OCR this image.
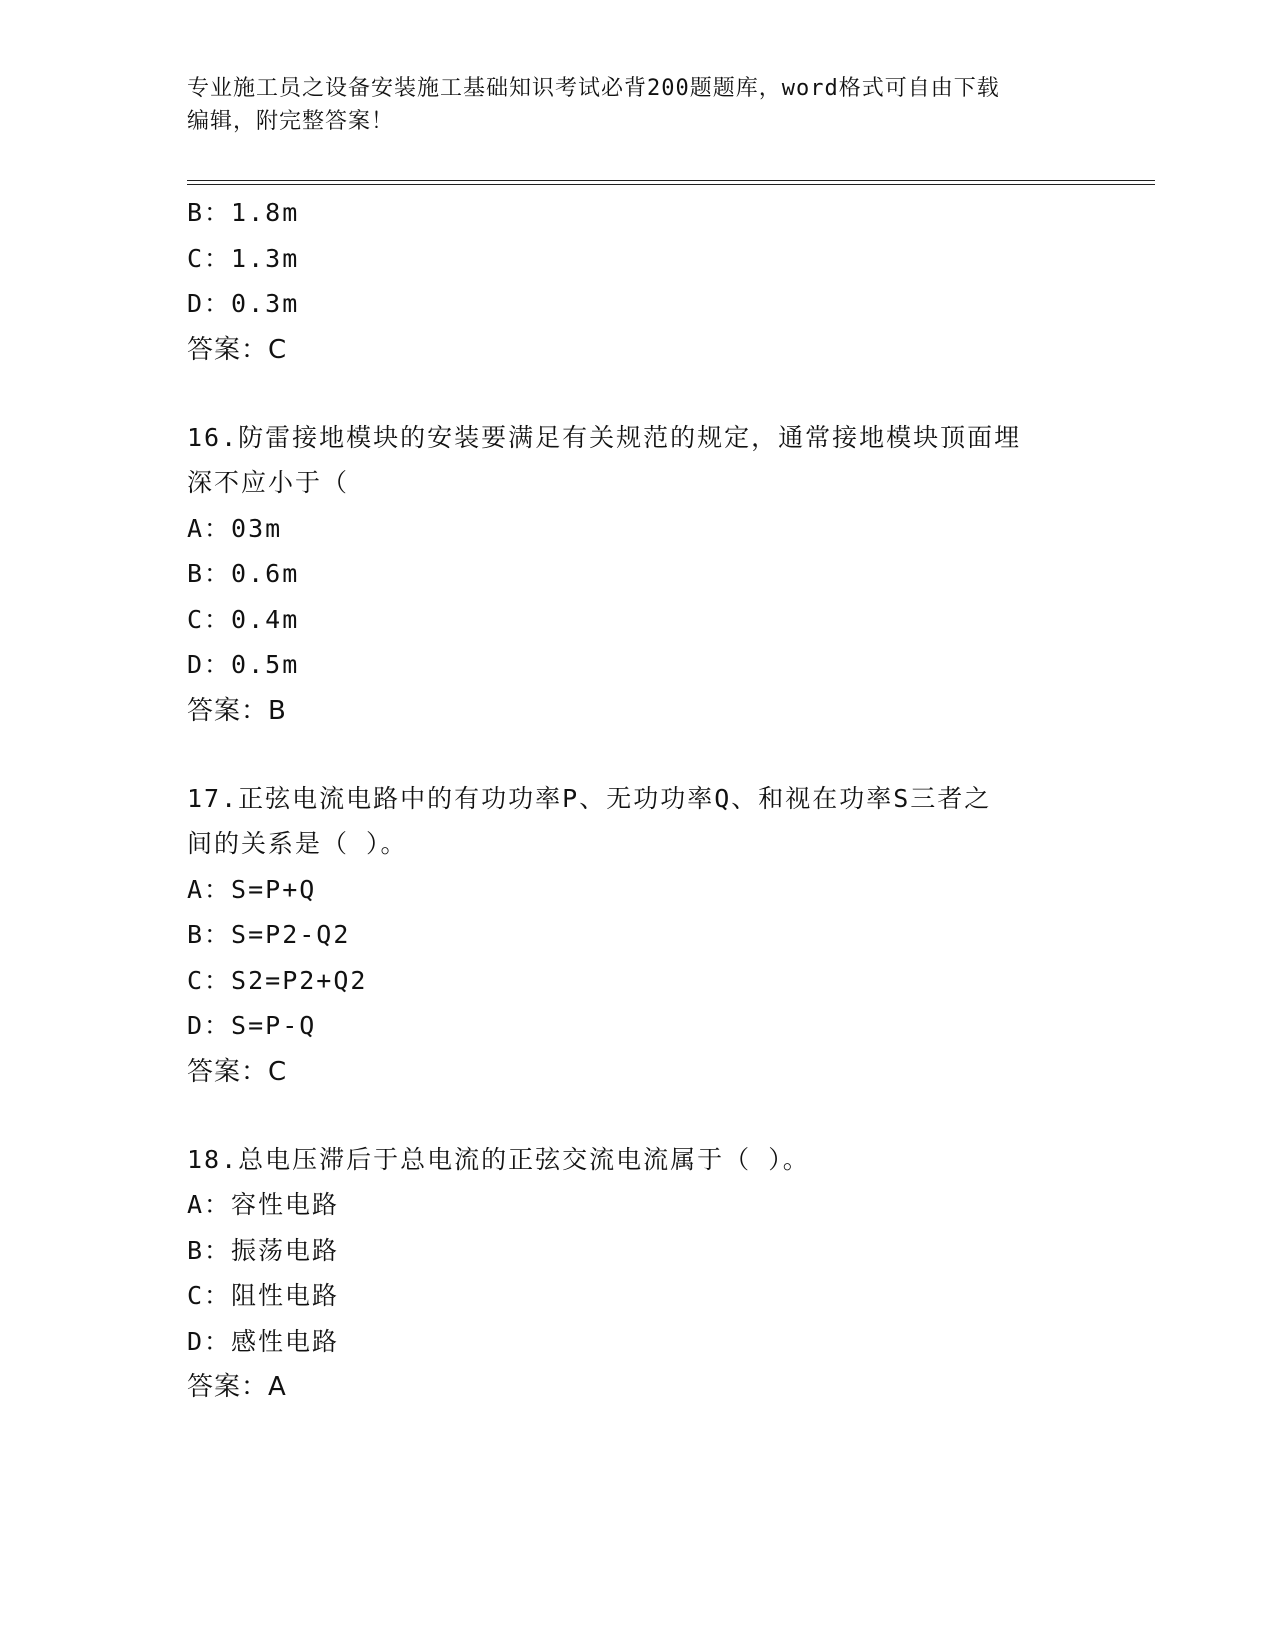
专业施工员之设备安装施工基础知识考试必背200题题库，word格式可自由下载
编辑，附完整答案！
B：1.8m
C：1.3m
D：0.3m
答案：C
16.防雷接地模块的安装要满足有关规范的规定，通常接地模块顶面埋
深不应小于（
A：03m
B：0.6m
C：0.4m
D：0.5m
答案：B
17.正弦电流电路中的有功功率P、无功功率Q、和视在功率S三者之
间的关系是（ ）。
A：S=P+Q
B：S=P2-Q2
C：S2=P2+Q2
D：S=P-Q
答案：C
18.总电压滞后于总电流的正弦交流电流属于（ ）。
A：容性电路
B：振荡电路
C：阻性电路
D：感性电路
答案：A
